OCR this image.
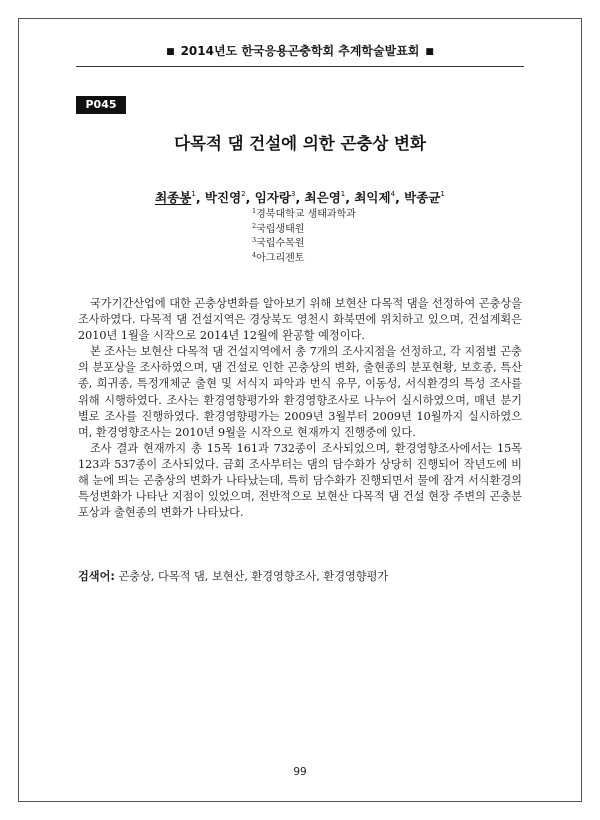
■ 2014년도 한국응용곤충학회 추계학술발표회 ■
P045
다목적 댐 건설에 의한 곤충상 변화
최종봉$^1$, 박진영$^2$, 임자랑$^3$, 최은영$^1$, 최익제$^4$, 박종균$^1$
$^1$경북대학교 생태과학과
$^2$국립생태원
$^3$국립수목원
$^4$아그리젠토

국가기간산업에 대한 곤충상변화를 알아보기 위해 보현산 다목적 댐을 선정하여 곤충상을 조사하였다. 다목적 댐 건설지역은 경상북도 영천시 화북면에 위치하고 있으며, 건설계획은 2010년 1월을 시작으로 2014년 12월에 완공할 예정이다.

본 조사는 보현산 다목적 댐 건설지역에서 총 7개의 조사지점을 선정하고, 각 지점별 곤충의 분포상을 조사하였으며, 댐 건설로 인한 곤충상의 변화, 출현종의 분포현황, 보호종, 특산종, 희귀종, 특정개체군 출현 및 서식지 파악과 번식 유무, 이동성, 서식환경의 특성 조사를 위해 시행하였다. 조사는 환경영향평가와 환경영향조사로 나누어 실시하였으며, 매년 분기 별로 조사를 진행하였다. 환경영향평가는 2009년 3월부터 2009년 10월까지 실시하였으며, 환경영향조사는 2010년 9월을 시작으로 현재까지 진행중에 있다.

조사 결과 현재까지 총 15목 161과 732종이 조사되었으며, 환경영향조사에서는 15목 123과 537종이 조사되었다. 금회 조사부터는 댐의 담수화가 상당히 진행되어 작년도에 비해 눈에 띄는 곤충상의 변화가 나타났는데, 특히 담수화가 진행되면서 물에 잠겨 서식환경의 특성변화가 나타난 지점이 있었으며, 전반적으로 보현산 다목적 댐 건설 현장 주변의 곤충분포상과 출현종의 변화가 나타났다.

검색어: 곤충상, 다목적 댐, 보현산, 환경영향조사, 환경영향평가
99
